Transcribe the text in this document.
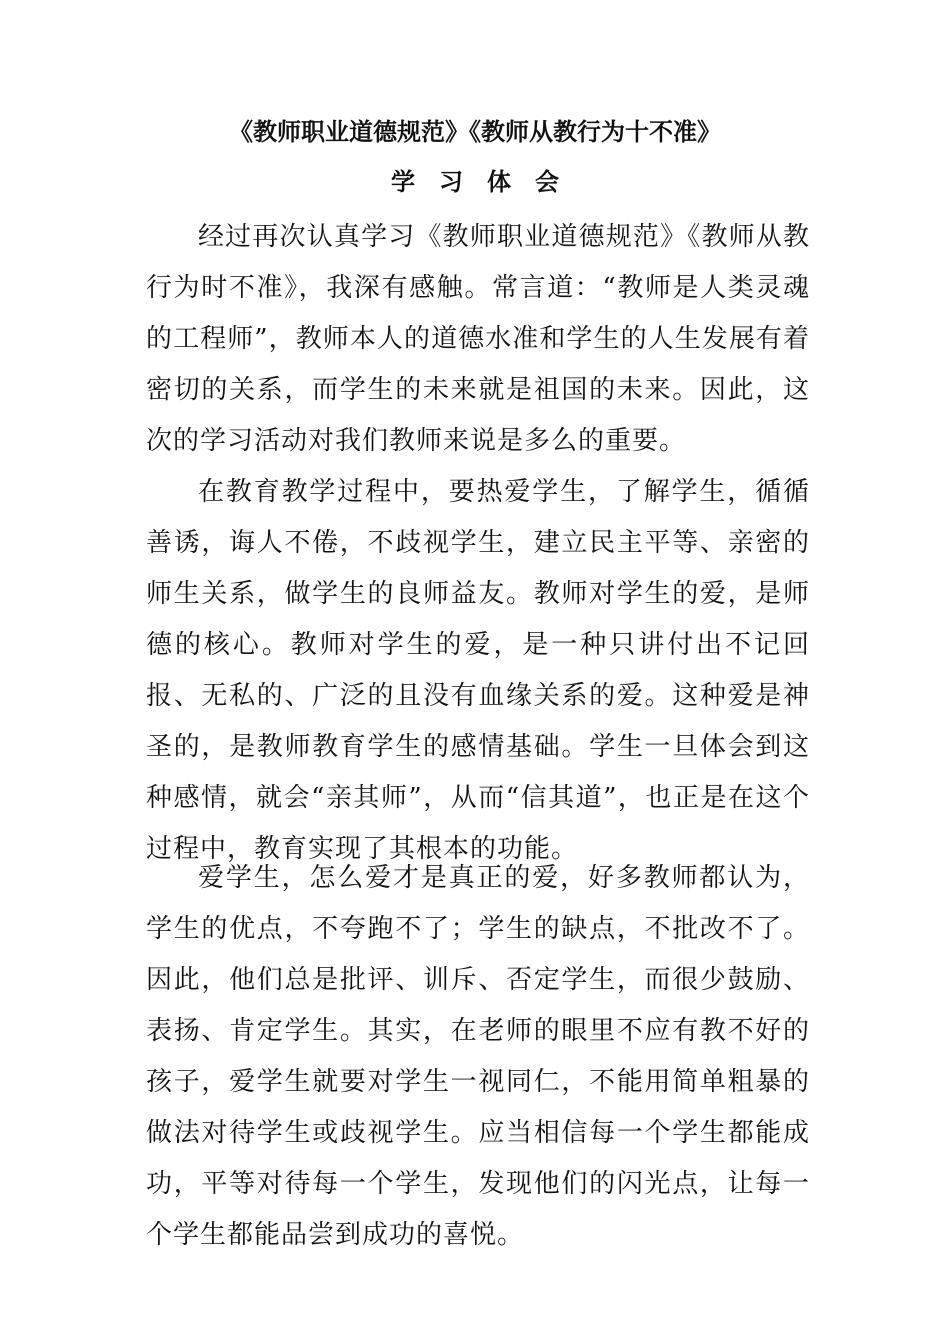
《教师职业道德规范》《教师从教行为十不准》
学习体会

经过再次认真学习《教师职业道德规范》《教师从教行为时不准》，我深有感触。常言道：“教师是人类灵魂的工程师”，教师本人的道德水准和学生的人生发展有着密切的关系，而学生的未来就是祖国的未来。因此，这次的学习活动对我们教师来说是多么的重要。

在教育教学过程中，要热爱学生，了解学生，循循善诱，诲人不倦，不歧视学生，建立民主平等、亲密的师生关系，做学生的良师益友。教师对学生的爱，是师德的核心。教师对学生的爱，是一种只讲付出不记回报、无私的、广泛的且没有血缘关系的爱。这种爱是神圣的，是教师教育学生的感情基础。学生一旦体会到这种感情，就会“亲其师”，从而“信其道”，也正是在这个过程中，教育实现了其根本的功能。

爱学生，怎么爱才是真正的爱，好多教师都认为，学生的优点，不夸跑不了；学生的缺点，不批改不了。因此，他们总是批评、训斥、否定学生，而很少鼓励、表扬、肯定学生。其实，在老师的眼里不应有教不好的孩子，爱学生就要对学生一视同仁，不能用简单粗暴的做法对待学生或歧视学生。应当相信每一个学生都能成功，平等对待每一个学生，发现他们的闪光点，让每一个学生都能品尝到成功的喜悦。
